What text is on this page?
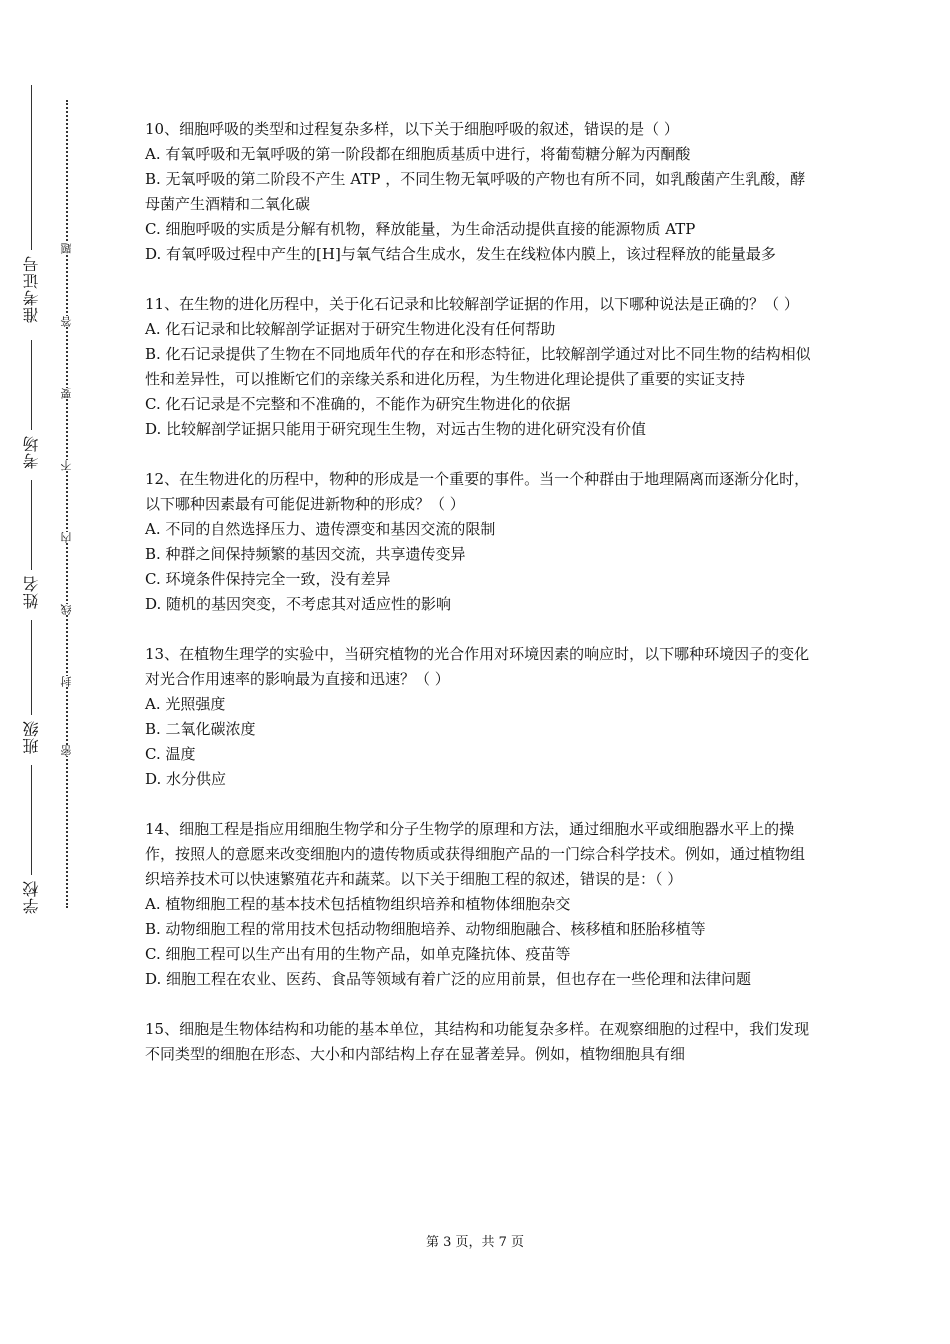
准考证号
考场
姓名
班级
学校
题
答
要
不
内
线
封
密

10、细胞呼吸的类型和过程复杂多样，以下关于细胞呼吸的叙述，错误的是（ ）

A. 有氧呼吸和无氧呼吸的第一阶段都在细胞质基质中进行，将葡萄糖分解为丙酮酸

B. 无氧呼吸的第二阶段不产生 ATP ，不同生物无氧呼吸的产物也有所不同，如乳酸菌产生乳酸，酵母菌产生酒精和二氧化碳

C. 细胞呼吸的实质是分解有机物，释放能量，为生命活动提供直接的能源物质 ATP

D. 有氧呼吸过程中产生的[H]与氧气结合生成水，发生在线粒体内膜上，该过程释放的能量最多

11、在生物的进化历程中，关于化石记录和比较解剖学证据的作用，以下哪种说法是正确的？（ ）

A. 化石记录和比较解剖学证据对于研究生物进化没有任何帮助

B. 化石记录提供了生物在不同地质年代的存在和形态特征，比较解剖学通过对比不同生物的结构相似性和差异性，可以推断它们的亲缘关系和进化历程，为生物进化理论提供了重要的实证支持

C. 化石记录是不完整和不准确的，不能作为研究生物进化的依据

D. 比较解剖学证据只能用于研究现生生物，对远古生物的进化研究没有价值

12、在生物进化的历程中，物种的形成是一个重要的事件。当一个种群由于地理隔离而逐渐分化时，以下哪种因素最有可能促进新物种的形成？（ ）

A. 不同的自然选择压力、遗传漂变和基因交流的限制

B. 种群之间保持频繁的基因交流，共享遗传变异

C. 环境条件保持完全一致，没有差异

D. 随机的基因突变，不考虑其对适应性的影响

13、在植物生理学的实验中，当研究植物的光合作用对环境因素的响应时，以下哪种环境因子的变化对光合作用速率的影响最为直接和迅速？（ ）

A. 光照强度

B. 二氧化碳浓度

C. 温度

D. 水分供应

14、细胞工程是指应用细胞生物学和分子生物学的原理和方法，通过细胞水平或细胞器水平上的操作，按照人的意愿来改变细胞内的遗传物质或获得细胞产品的一门综合科学技术。例如，通过植物组织培养技术可以快速繁殖花卉和蔬菜。以下关于细胞工程的叙述，错误的是：（ ）

A. 植物细胞工程的基本技术包括植物组织培养和植物体细胞杂交

B. 动物细胞工程的常用技术包括动物细胞培养、动物细胞融合、核移植和胚胎移植等

C. 细胞工程可以生产出有用的生物产品，如单克隆抗体、疫苗等

D. 细胞工程在农业、医药、食品等领域有着广泛的应用前景，但也存在一些伦理和法律问题

15、细胞是生物体结构和功能的基本单位，其结构和功能复杂多样。在观察细胞的过程中，我们发现不同类型的细胞在形态、大小和内部结构上存在显著差异。例如，植物细胞具有细

第 3 页，共 7 页
